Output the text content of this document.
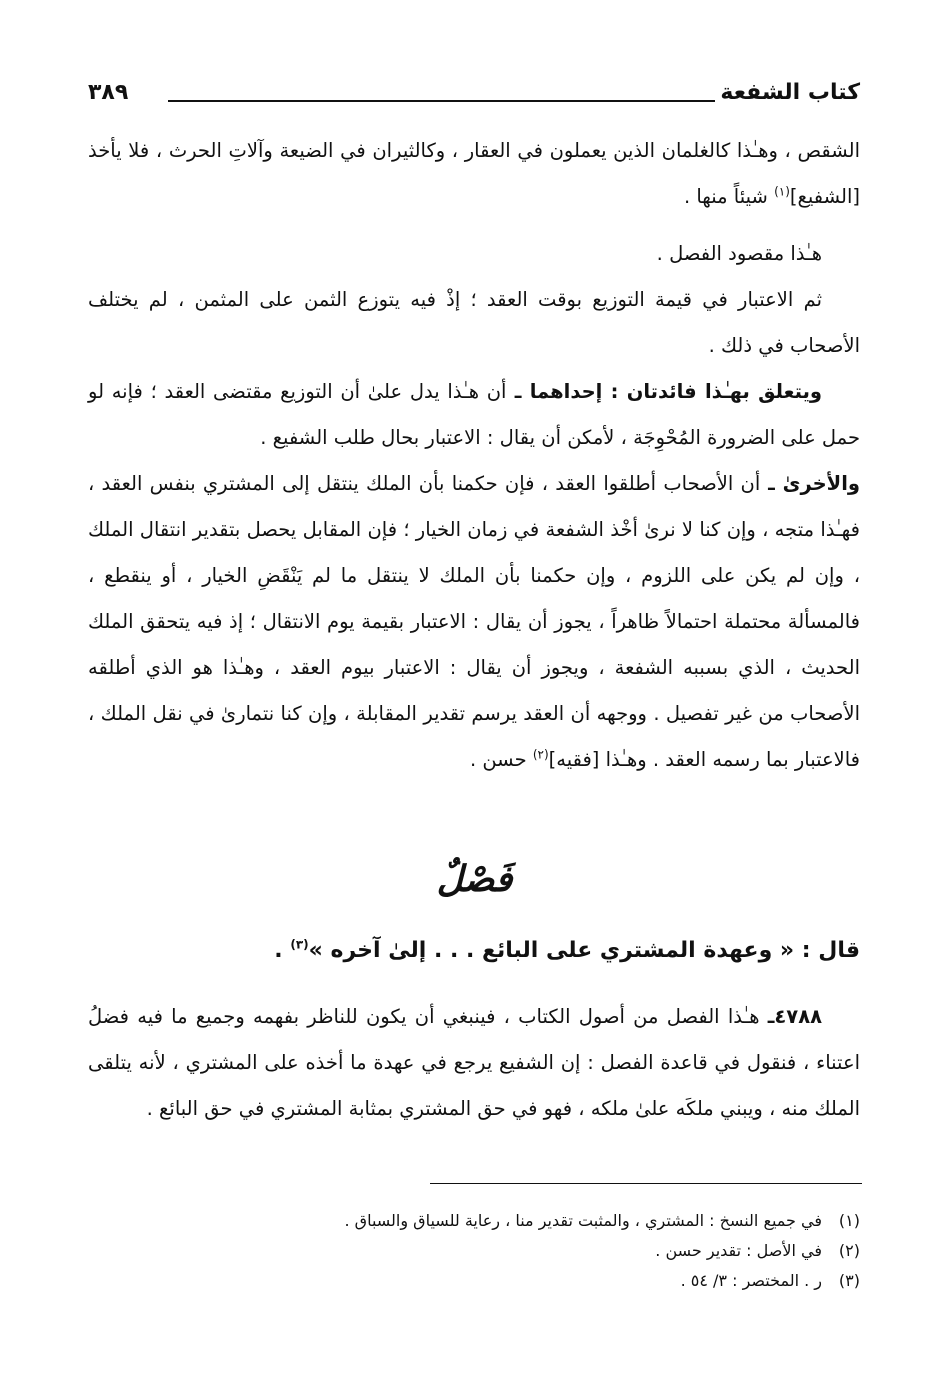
كتاب الشفعة
٣٨٩

الشقص ، وهـٰذا كالغلمان الذين يعملون في العقار ، وكالثيران في الضيعة وآلاتِ الحرث ، فلا يأخذ [الشفيع]$^{(١)}$ شيئاً منها .

هـٰذا مقصود الفصل .

ثم الاعتبار في قيمة التوزيع بوقت العقد ؛ إذْ فيه يتوزع الثمن على المثمن ، لم يختلف الأصحاب في ذلك .

ويتعلق بهـٰذا فائدتان : إحداهما ـ أن هـٰذا يدل علىٰ أن التوزيع مقتضى العقد ؛ فإنه لو حمل على الضرورة المُحْوِجَة ، لأمكن أن يقال : الاعتبار بحال طلب الشفيع .

والأخرىٰ ـ أن الأصحاب أطلقوا العقد ، فإن حكمنا بأن الملك ينتقل إلى المشتري بنفس العقد ، فهـٰذا متجه ، وإن كنا لا نرىٰ أخْذ الشفعة في زمان الخيار ؛ فإن المقابل يحصل بتقدير انتقال الملك ، وإن لم يكن على اللزوم ، وإن حكمنا بأن الملك لا ينتقل ما لم يَنْقَضِ الخيار ، أو ينقطع ، فالمسألة محتملة احتمالاً ظاهراً ، يجوز أن يقال : الاعتبار بقيمة يوم الانتقال ؛ إذ فيه يتحقق الملك الحديث ، الذي بسببه الشفعة ، ويجوز أن يقال : الاعتبار بيوم العقد ، وهـٰذا هو الذي أطلقه الأصحاب من غير تفصيل . ووجهه أن العقد يرسم تقدير المقابلة ، وإن كنا نتمارىٰ في نقل الملك ، فالاعتبار بما رسمه العقد . وهـٰذا [فقيه]$^{(٢)}$ حسن .

فَصْلٌ
قال : « وعهدة المشتري على البائع . . . إلىٰ آخره »$^{(٣)}$ .

٤٧٨٨ـ هـٰذا الفصل من أصول الكتاب ، فينبغي أن يكون للناظر بفهمه وجميع ما فيه فضلُ اعتناء ، فنقول في قاعدة الفصل : إن الشفيع يرجع في عهدة ما أخذه على المشتري ، لأنه يتلقى الملك منه ، ويبني ملكَه علىٰ ملكه ، فهو في حق المشتري بمثابة المشتري في حق البائع .

(١)في جميع النسخ : المشتري ، والمثبت تقدير منا ، رعاية للسياق والسباق .
(٢)في الأصل : تقدير حسن .
(٣)ر . المختصر : ٣/ ٥٤ .
